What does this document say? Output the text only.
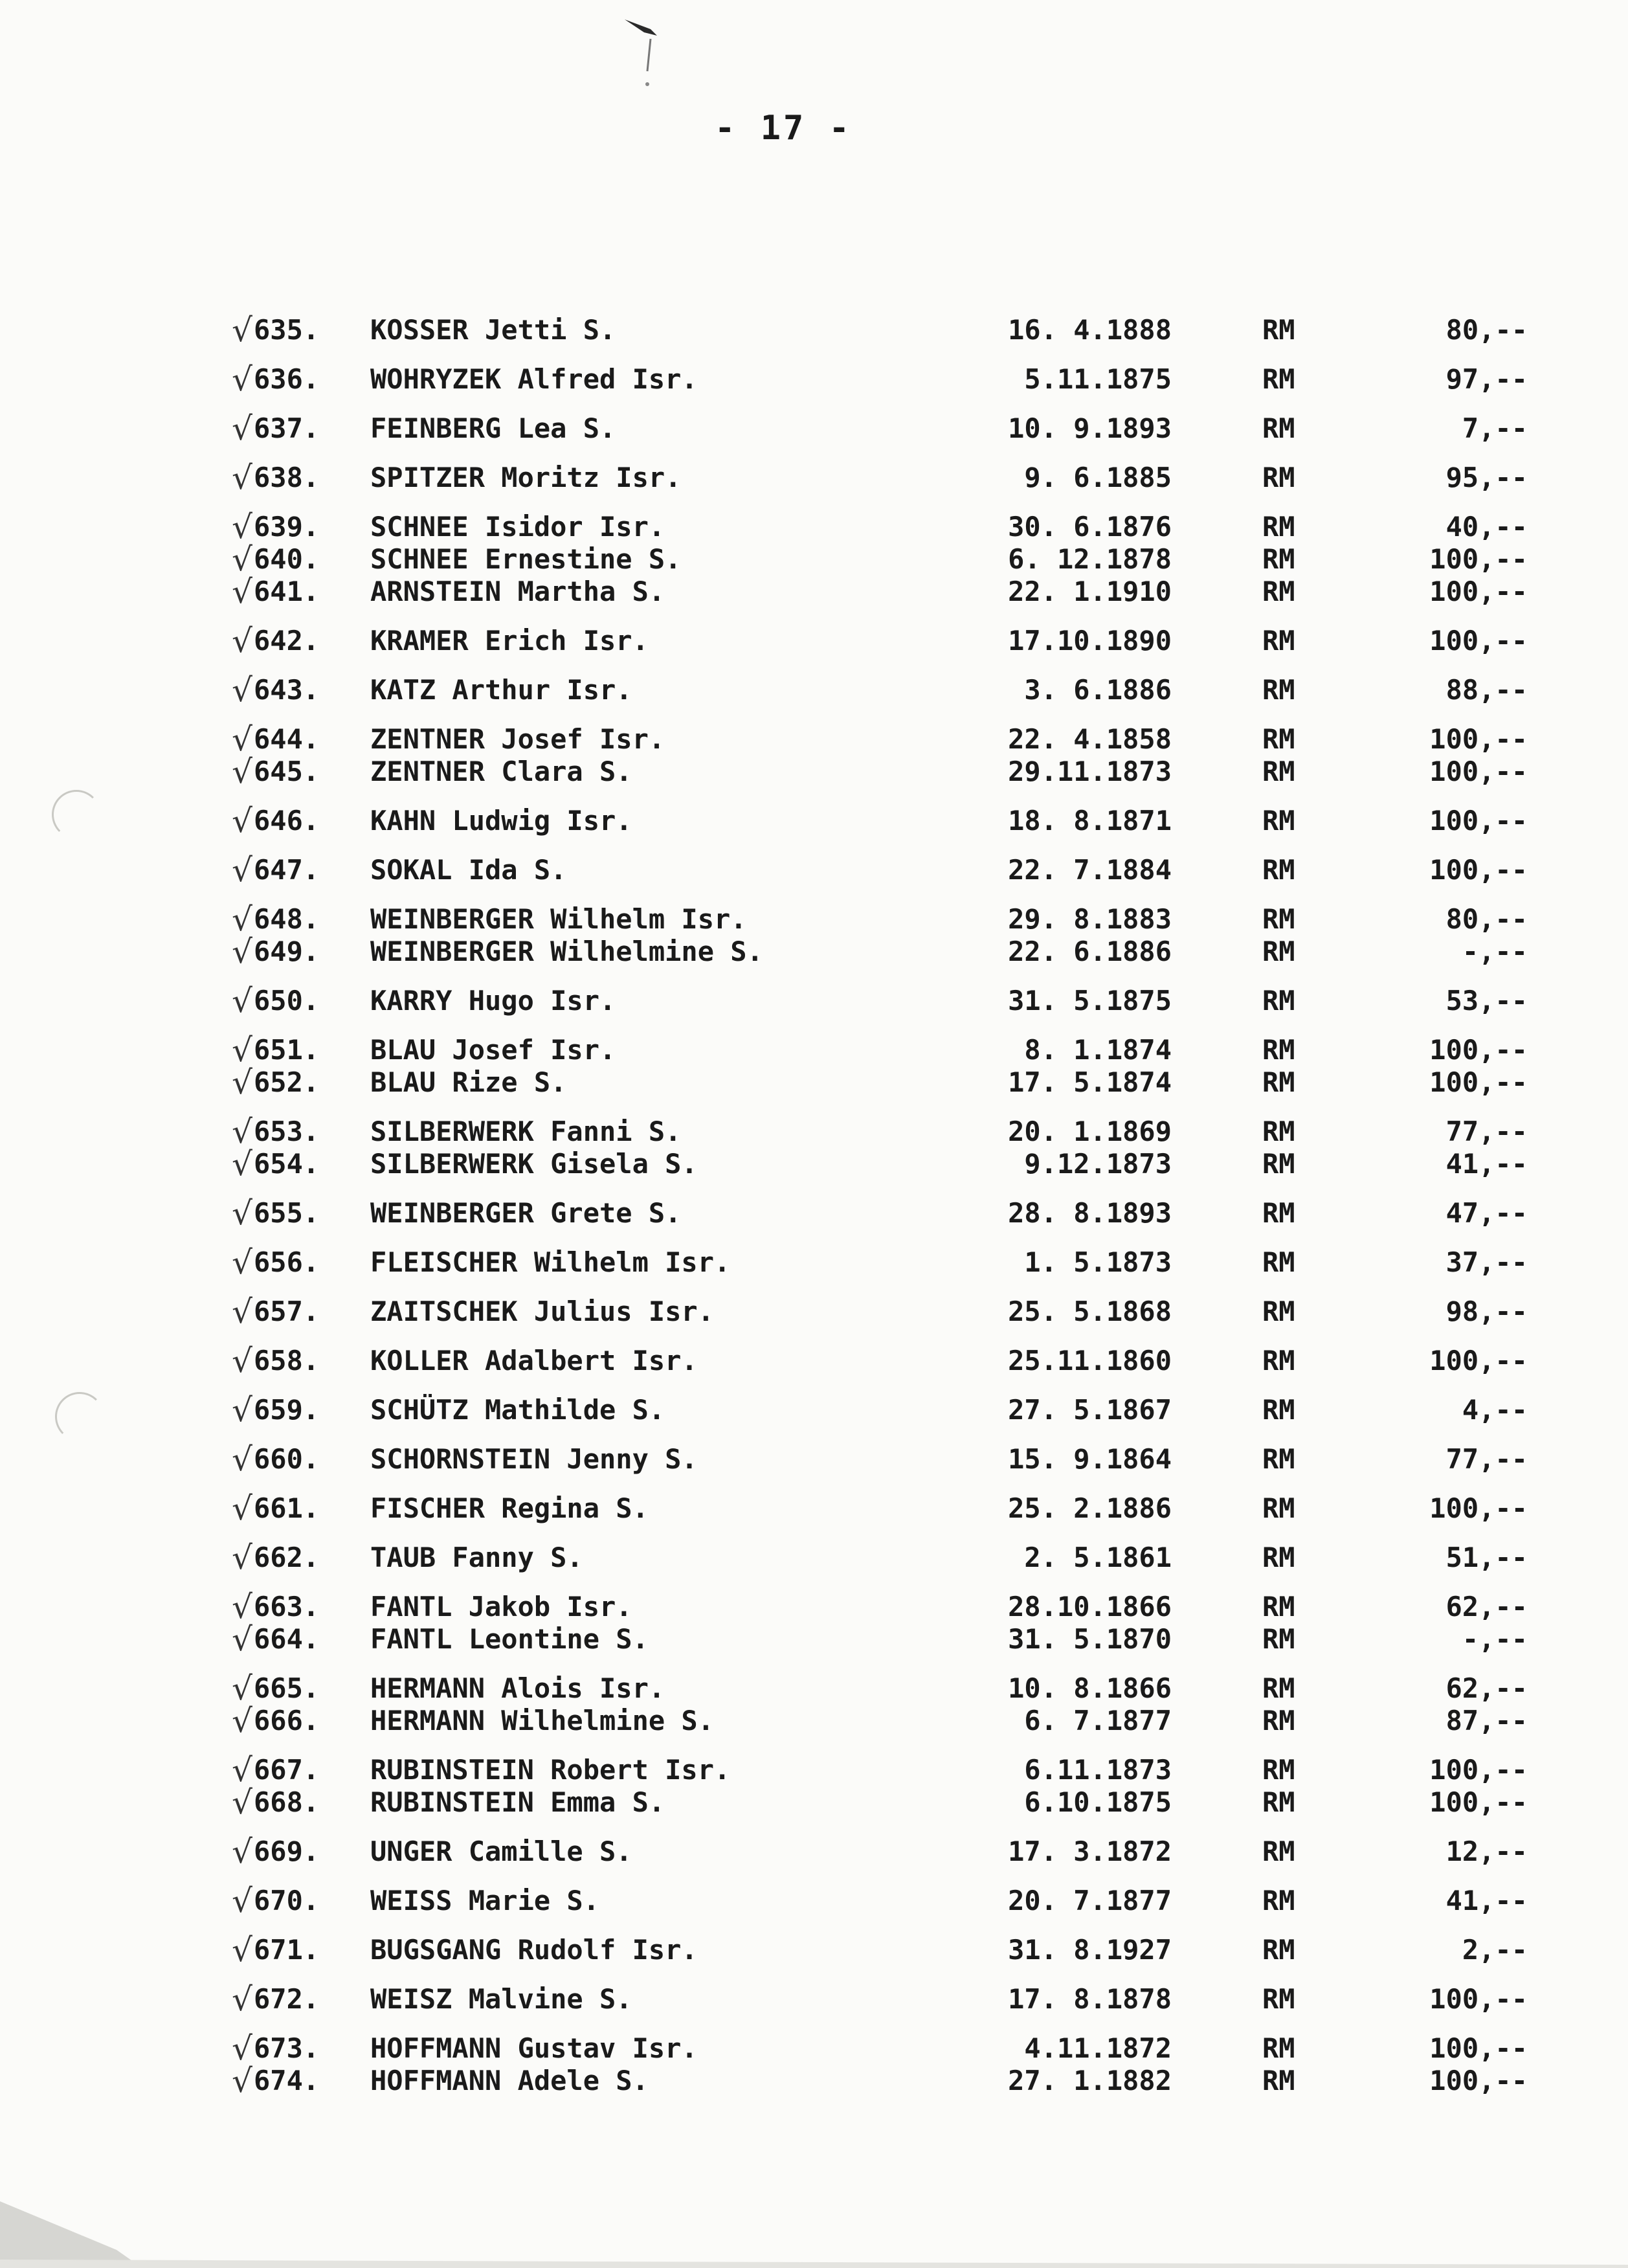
- 17 -
√ 635.	KOSSER Jetti S.	16. 4.1888	RM	80,--
√ 636.	WOHRYZEK Alfred Isr.	5.11.1875	RM	97,--
√ 637.	FEINBERG Lea S.	10. 9.1893	RM	7,--
√ 638.	SPITZER Moritz Isr.	9. 6.1885	RM	95,--
√ 639.	SCHNEE Isidor Isr.	30. 6.1876	RM	40,--
√ 640.	SCHNEE Ernestine S.	6. 12.1878	RM	100,--
√ 641.	ARNSTEIN Martha S.	22. 1.1910	RM	100,--
√ 642.	KRAMER Erich Isr.	17.10.1890	RM	100,--
√ 643.	KATZ Arthur Isr.	3. 6.1886	RM	88,--
√ 644.	ZENTNER Josef Isr.	22. 4.1858	RM	100,--
√ 645.	ZENTNER Clara S.	29.11.1873	RM	100,--
√ 646.	KAHN Ludwig Isr.	18. 8.1871	RM	100,--
√ 647.	SOKAL Ida S.	22. 7.1884	RM	100,--
√ 648.	WEINBERGER Wilhelm Isr.	29. 8.1883	RM	80,--
√ 649.	WEINBERGER Wilhelmine S.	22. 6.1886	RM	-,--
√ 650.	KARRY Hugo Isr.	31. 5.1875	RM	53,--
√ 651.	BLAU Josef Isr.	8. 1.1874	RM	100,--
√ 652.	BLAU Rize S.	17. 5.1874	RM	100,--
√ 653.	SILBERWERK Fanni S.	20. 1.1869	RM	77,--
√ 654.	SILBERWERK Gisela S.	9.12.1873	RM	41,--
√ 655.	WEINBERGER Grete S.	28. 8.1893	RM	47,--
√ 656.	FLEISCHER Wilhelm Isr.	1. 5.1873	RM	37,--
√ 657.	ZAITSCHEK Julius Isr.	25. 5.1868	RM	98,--
√ 658.	KOLLER Adalbert Isr.	25.11.1860	RM	100,--
√ 659.	SCHÜTZ Mathilde S.	27. 5.1867	RM	4,--
√ 660.	SCHORNSTEIN Jenny S.	15. 9.1864	RM	77,--
√ 661.	FISCHER Regina S.	25. 2.1886	RM	100,--
√ 662.	TAUB Fanny S.	2. 5.1861	RM	51,--
√ 663.	FANTL Jakob Isr.	28.10.1866	RM	62,--
√ 664.	FANTL Leontine S.	31. 5.1870	RM	-,--
√ 665.	HERMANN Alois Isr.	10. 8.1866	RM	62,--
√ 666.	HERMANN Wilhelmine S.	6. 7.1877	RM	87,--
√ 667.	RUBINSTEIN Robert Isr.	6.11.1873	RM	100,--
√ 668.	RUBINSTEIN Emma S.	6.10.1875	RM	100,--
√ 669.	UNGER Camille S.	17. 3.1872	RM	12,--
√ 670.	WEISS Marie S.	20. 7.1877	RM	41,--
√ 671.	BUGSGANG Rudolf Isr.	31. 8.1927	RM	2,--
√ 672.	WEISZ Malvine S.	17. 8.1878	RM	100,--
√ 673.	HOFFMANN Gustav Isr.	4.11.1872	RM	100,--
√ 674.	HOFFMANN Adele S.	27. 1.1882	RM	100,--
